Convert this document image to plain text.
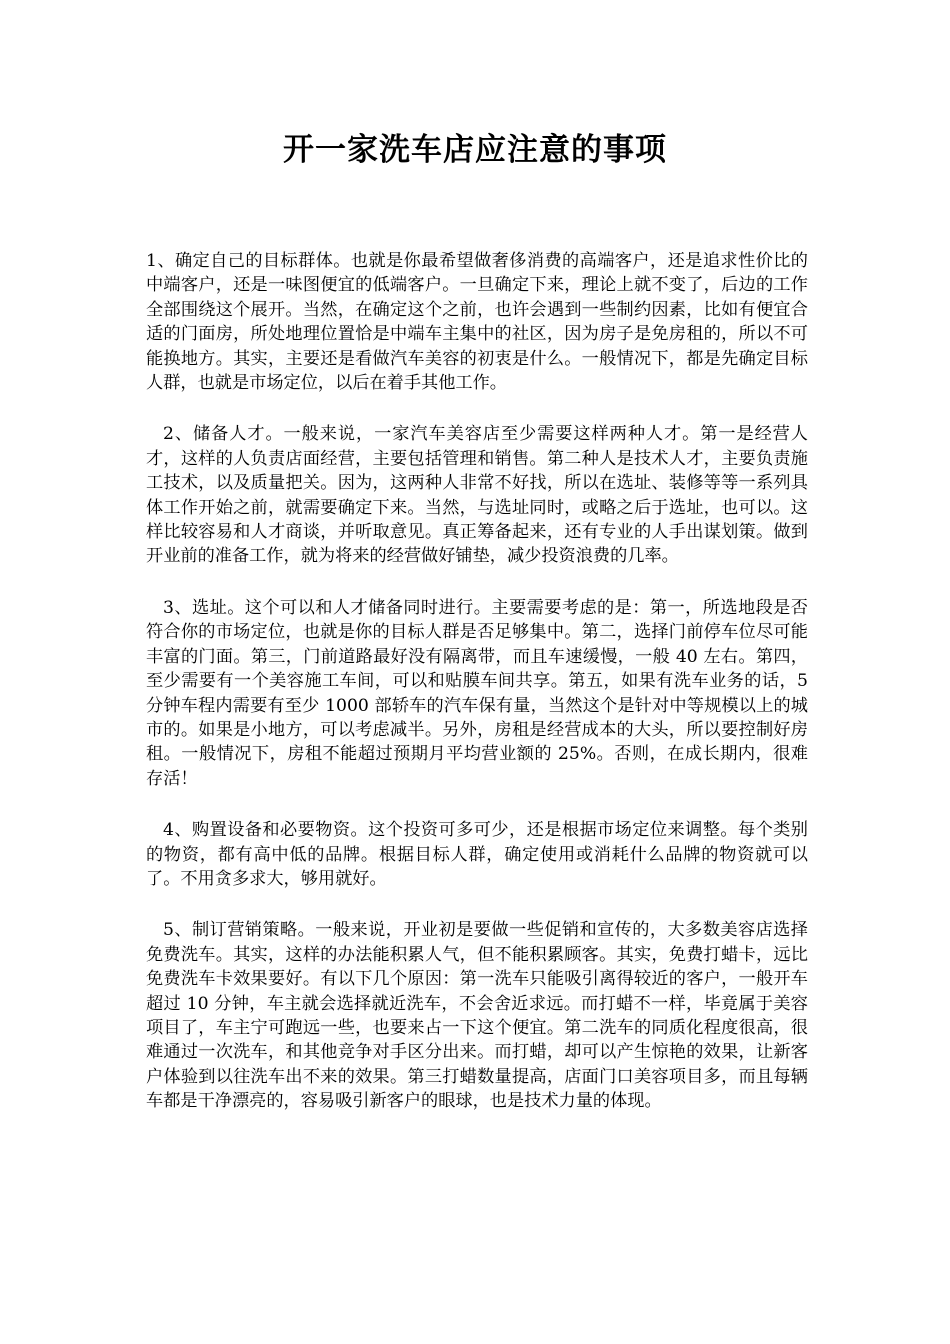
开一家洗车店应注意的事项

1、确定自己的目标群体。也就是你最希望做奢侈消费的高端客户，还是追求性价比的中端客户，还是一味图便宜的低端客户。一旦确定下来，理论上就不变了，后边的工作全部围绕这个展开。当然，在确定这个之前，也许会遇到一些制约因素，比如有便宜合适的门面房，所处地理位置恰是中端车主集中的社区，因为房子是免房租的，所以不可能换地方。其实，主要还是看做汽车美容的初衷是什么。一般情况下，都是先确定目标人群，也就是市场定位，以后在着手其他工作。

2、储备人才。一般来说，一家汽车美容店至少需要这样两种人才。第一是经营人才，这样的人负责店面经营，主要包括管理和销售。第二种人是技术人才，主要负责施工技术，以及质量把关。因为，这两种人非常不好找，所以在选址、装修等等一系列具体工作开始之前，就需要确定下来。当然，与选址同时，或略之后于选址，也可以。这样比较容易和人才商谈，并听取意见。真正筹备起来，还有专业的人手出谋划策。做到开业前的准备工作，就为将来的经营做好铺垫，减少投资浪费的几率。

3、选址。这个可以和人才储备同时进行。主要需要考虑的是：第一，所选地段是否符合你的市场定位，也就是你的目标人群是否足够集中。第二，选择门前停车位尽可能丰富的门面。第三，门前道路最好没有隔离带，而且车速缓慢，一般 40 左右。第四，至少需要有一个美容施工车间，可以和贴膜车间共享。第五，如果有洗车业务的话，5 分钟车程内需要有至少 1000 部轿车的汽车保有量，当然这个是针对中等规模以上的城市的。如果是小地方，可以考虑减半。另外，房租是经营成本的大头，所以要控制好房租。一般情况下，房租不能超过预期月平均营业额的 25%。否则，在成长期内，很难存活！

4、购置设备和必要物资。这个投资可多可少，还是根据市场定位来调整。每个类别的物资，都有高中低的品牌。根据目标人群，确定使用或消耗什么品牌的物资就可以了。不用贪多求大，够用就好。

5、制订营销策略。一般来说，开业初是要做一些促销和宣传的，大多数美容店选择免费洗车。其实，这样的办法能积累人气，但不能积累顾客。其实，免费打蜡卡，远比免费洗车卡效果要好。有以下几个原因：第一洗车只能吸引离得较近的客户，一般开车超过 10 分钟，车主就会选择就近洗车，不会舍近求远。而打蜡不一样，毕竟属于美容项目了，车主宁可跑远一些，也要来占一下这个便宜。第二洗车的同质化程度很高，很难通过一次洗车，和其他竞争对手区分出来。而打蜡，却可以产生惊艳的效果，让新客户体验到以往洗车出不来的效果。第三打蜡数量提高，店面门口美容项目多，而且每辆车都是干净漂亮的，容易吸引新客户的眼球，也是技术力量的体现。
